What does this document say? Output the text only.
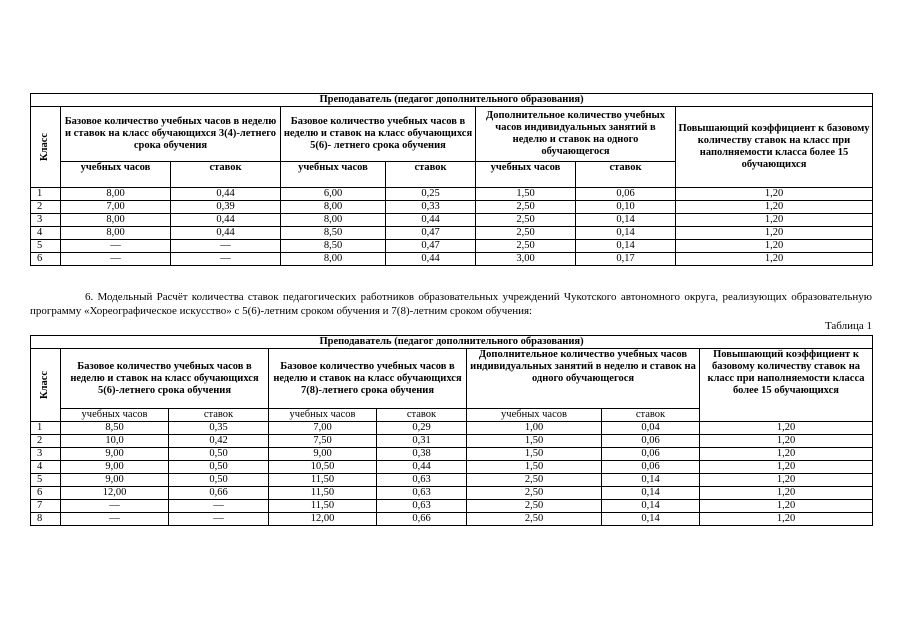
Преподаватель (педагог дополнительного образования)							
Класс	Базовое количество учебных часов в неделю и ставок на класс обучающихся 3(4)-летнего срока обучения		Базовое количество учебных часов в неделю и ставок на класс обучающихся 5(6)- летнего срока обучения		Дополнительное количество учебных часов индивидуальных занятий в неделю и ставок на одного обучающегося		Повышающий коэффициент к базовому количеству ставок на класс при наполняемости класса более 15 обучающихся
	учебных часов	ставок	учебных часов	ставок	учебных часов	ставок	
1	8,00	0,44	6,00	0,25	1,50	0,06	1,20
2	7,00	0,39	8,00	0,33	2,50	0,10	1,20
3	8,00	0,44	8,00	0,44	2,50	0,14	1,20
4	8,00	0,44	8,50	0,47	2,50	0,14	1,20
5	—	—	8,50	0,47	2,50	0,14	1,20
6	—	—	8,00	0,44	3,00	0,17	1,20
6. Модельный Расчёт количества ставок педагогических работников образовательных учреждений Чукотского автономного округа, реализующих образовательную программу «Хореографическое искусство» с 5(6)-летним сроком обучения и 7(8)-летним сроком обучения:
Таблица 1
Преподаватель (педагог дополнительного образования)							
Класс	Базовое количество учебных часов в неделю и ставок на класс обучающихся 5(6)-летнего срока обучения		Базовое количество учебных часов в неделю и ставок на класс обучающихся 7(8)-летнего срока обучения		Дополнительное количество учебных часов индивидуальных занятий в неделю и ставок на одного обучающегося		Повышающий коэффициент к базовому количеству ставок на класс при наполняемости класса более 15 обучающихся
	учебных часов	ставок	учебных часов	ставок	учебных часов	ставок	
1	8,50	0,35	7,00	0,29	1,00	0,04	1,20
2	10,0	0,42	7,50	0,31	1,50	0,06	1,20
3	9,00	0,50	9,00	0,38	1,50	0,06	1,20
4	9,00	0,50	10,50	0,44	1,50	0,06	1,20
5	9,00	0,50	11,50	0,63	2,50	0,14	1,20
6	12,00	0,66	11,50	0,63	2,50	0,14	1,20
7	—	—	11,50	0,63	2,50	0,14	1,20
8	—	—	12,00	0,66	2,50	0,14	1,20
